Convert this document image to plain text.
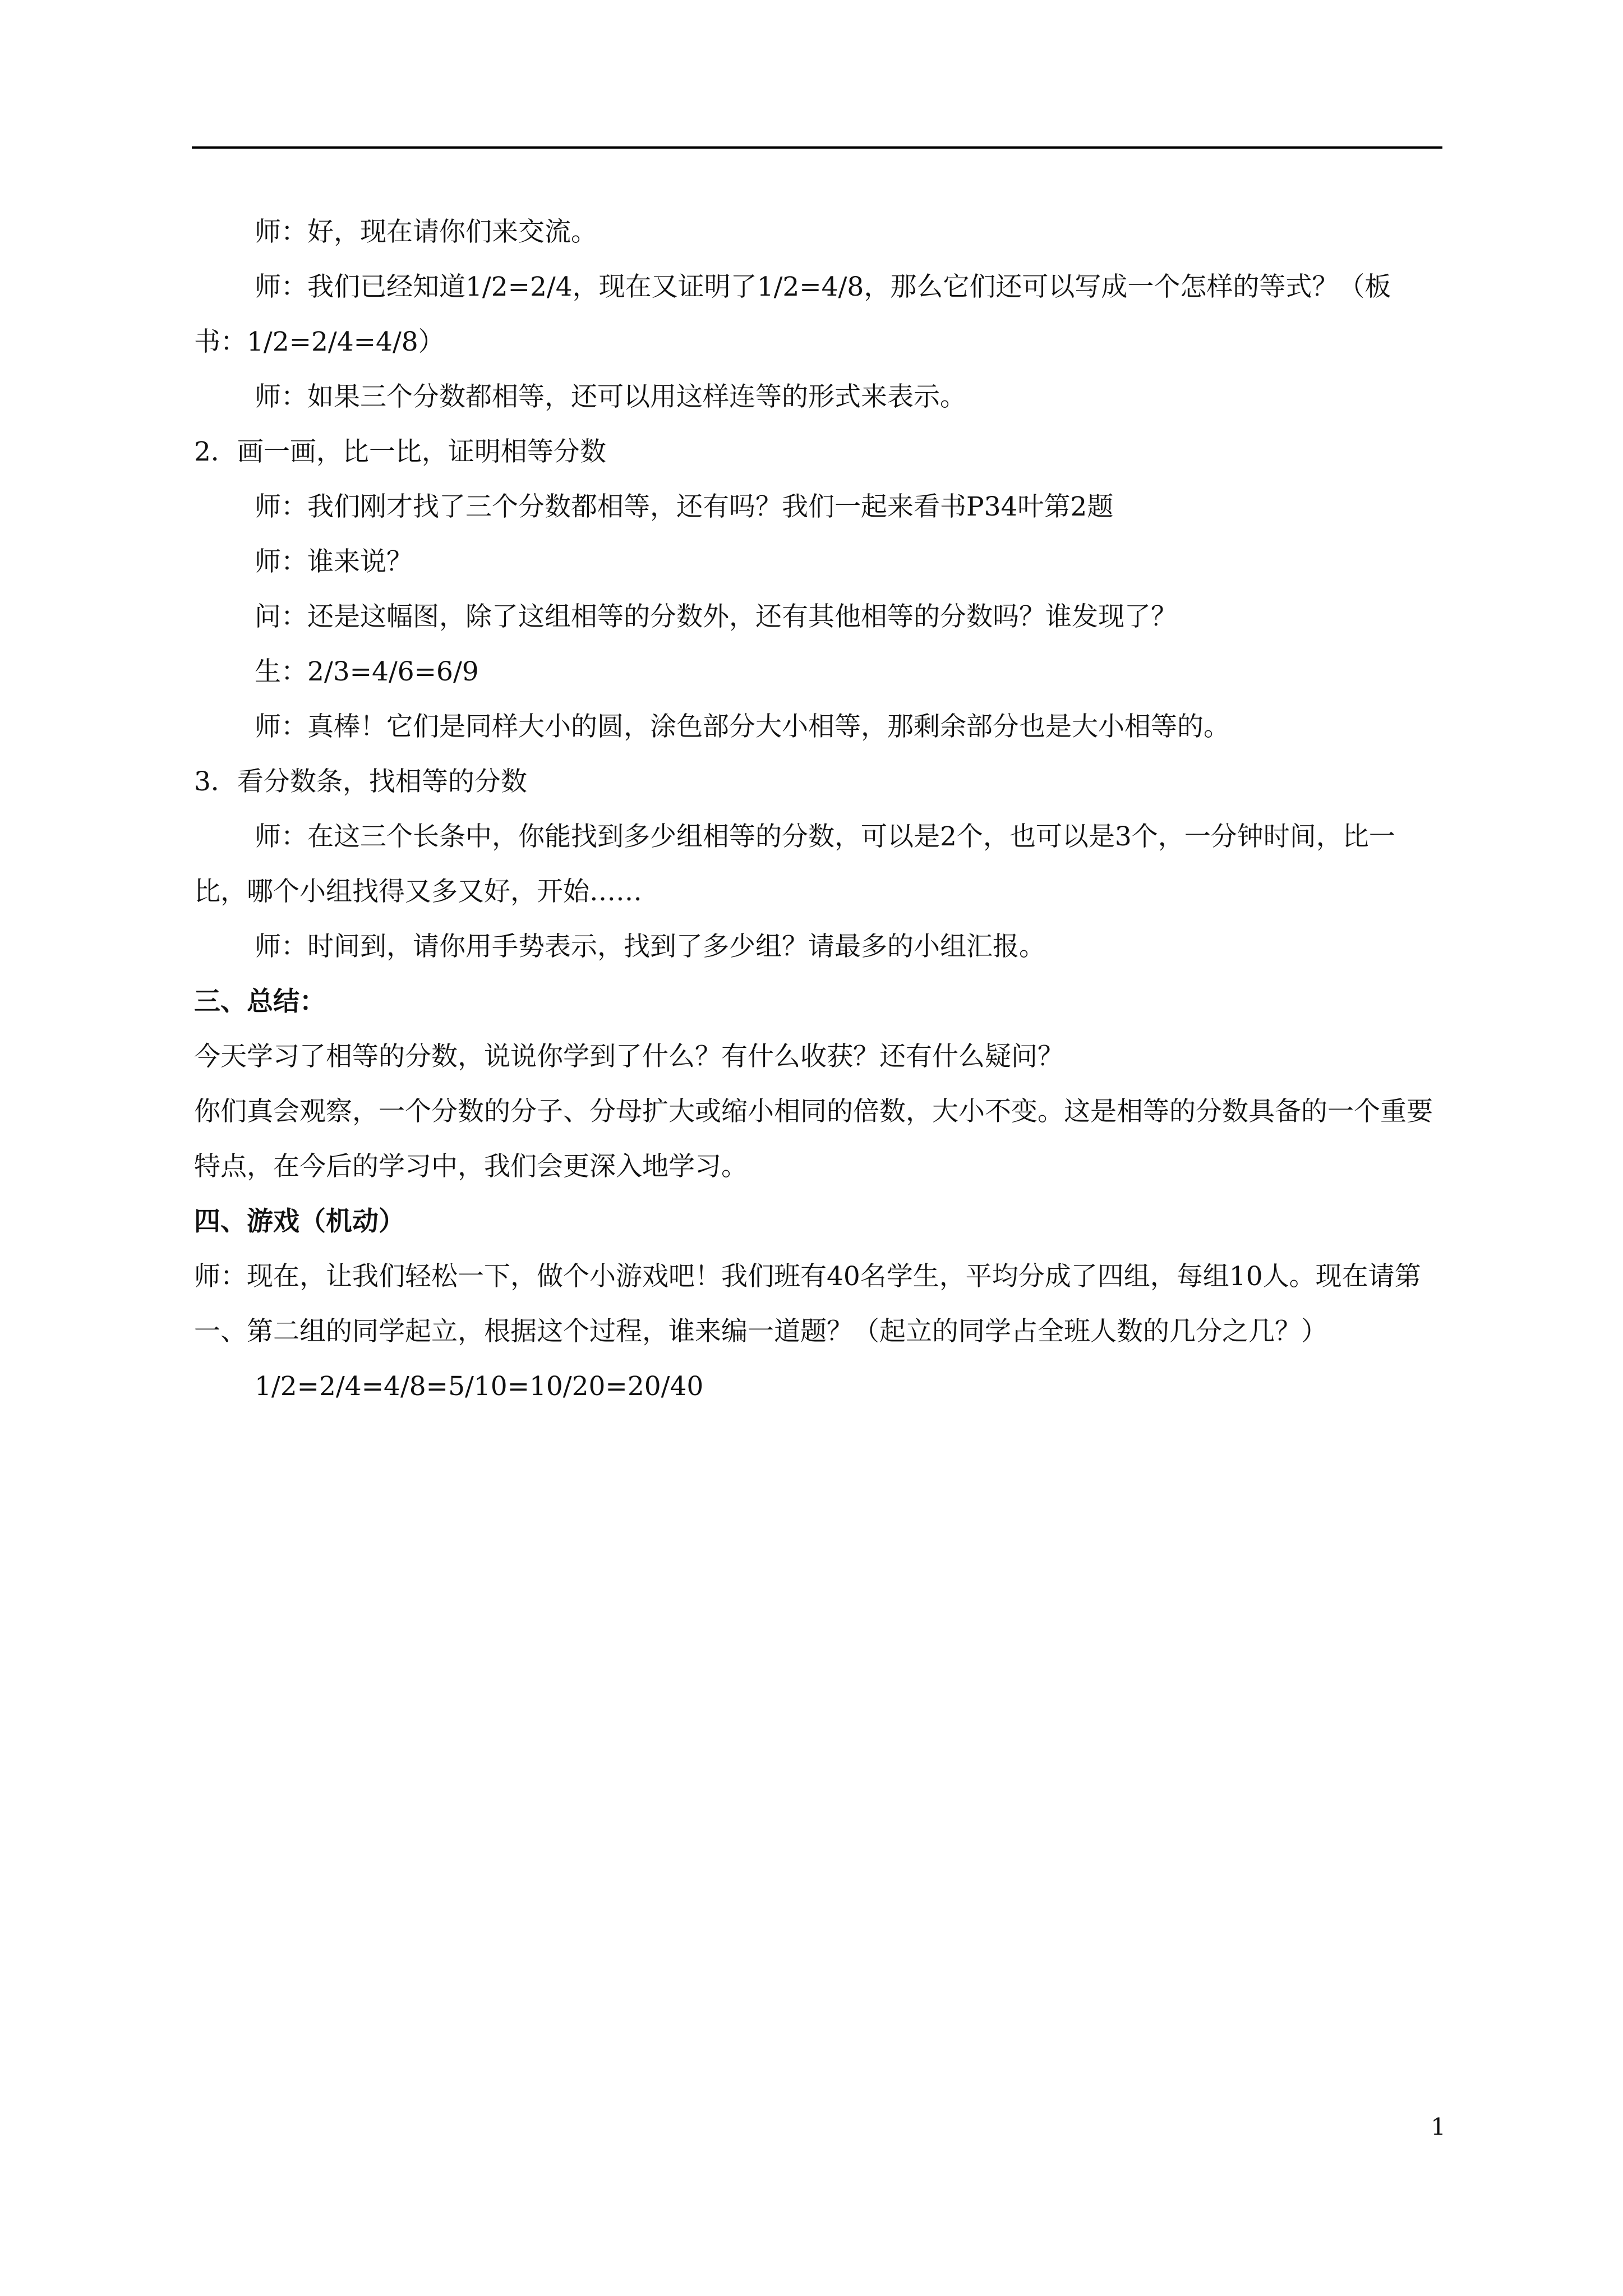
师：好，现在请你们来交流。

师：我们已经知道1/2=2/4，现在又证明了1/2=4/8，那么它们还可以写成一个怎样的等式？（板书：1/2=2/4=4/8）

师：如果三个分数都相等，还可以用这样连等的形式来表示。

2．画一画，比一比，证明相等分数

师：我们刚才找了三个分数都相等，还有吗？我们一起来看书P34叶第2题

师：谁来说？

问：还是这幅图，除了这组相等的分数外，还有其他相等的分数吗？谁发现了？

生：2/3=4/6=6/9

师：真棒！它们是同样大小的圆，涂色部分大小相等，那剩余部分也是大小相等的。

3．看分数条，找相等的分数

师：在这三个长条中，你能找到多少组相等的分数，可以是2个，也可以是3个，一分钟时间，比一比，哪个小组找得又多又好，开始……

师：时间到，请你用手势表示，找到了多少组？请最多的小组汇报。

三、总结：

今天学习了相等的分数，说说你学到了什么？有什么收获？还有什么疑问？

你们真会观察，一个分数的分子、分母扩大或缩小相同的倍数，大小不变。这是相等的分数具备的一个重要特点，在今后的学习中，我们会更深入地学习。

四、游戏（机动）

师：现在，让我们轻松一下，做个小游戏吧！我们班有40名学生，平均分成了四组，每组10人。现在请第一、第二组的同学起立，根据这个过程，谁来编一道题？（起立的同学占全班人数的几分之几？）

1/2=2/4=4/8=5/10=10/20=20/40

1
